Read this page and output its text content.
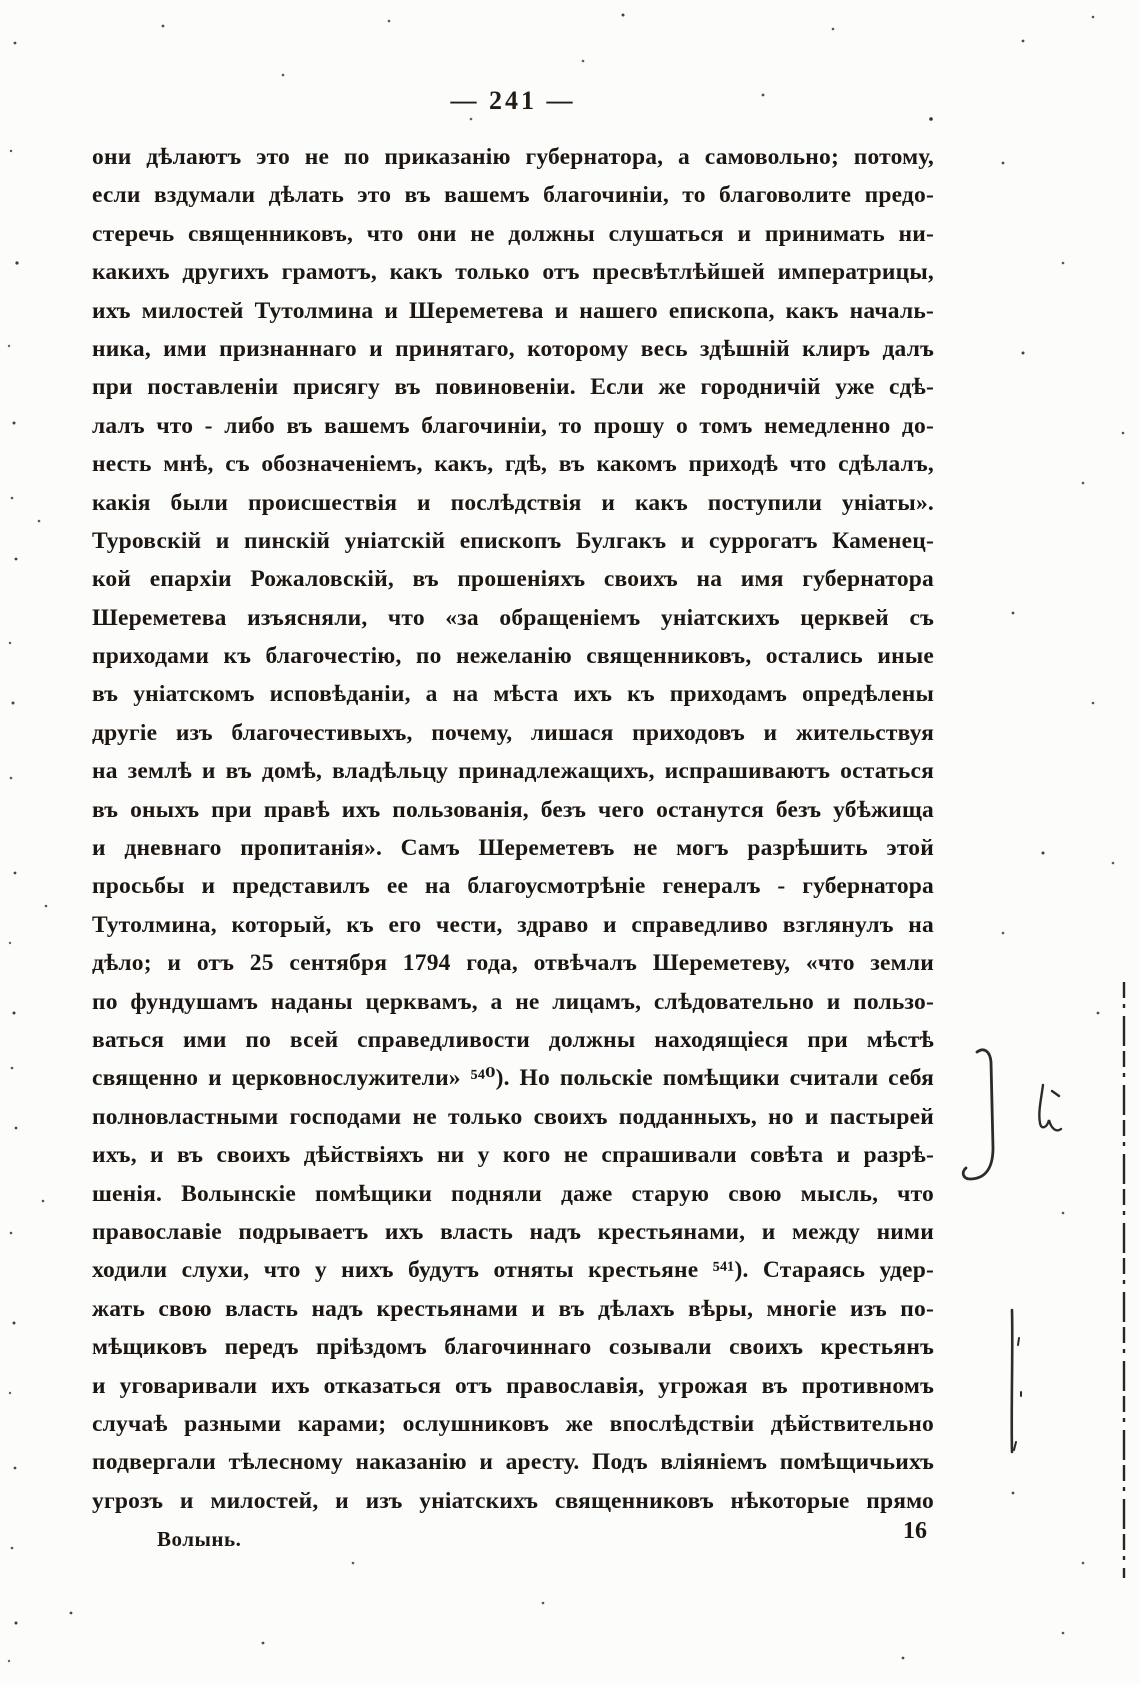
— 241 —
они дѣлаютъ это не по приказанію губернатора, а самовольно; потому,
если вздумали дѣлать это въ вашемъ благочиніи, то благоволите предо-
стеречь священниковъ, что они не должны слушаться и принимать ни-
какихъ другихъ грамотъ, какъ только отъ пресвѣтлѣйшей императрицы,
ихъ милостей Тутолмина и Шереметева и нашего епископа, какъ началь-
ника, ими признаннаго и принятаго, которому весь здѣшній клиръ далъ
при поставленіи присягу въ повиновеніи. Если же городничій уже сдѣ-
лалъ что - либо въ вашемъ благочиніи, то прошу о томъ немедленно до-
несть мнѣ, съ обозначеніемъ, какъ, гдѣ, въ какомъ приходѣ что сдѣлалъ,
какія были происшествія и послѣдствія и какъ поступили уніаты».
Туровскій и пинскій уніатскій епископъ Булгакъ и суррогатъ Каменец-
кой епархіи Рожаловскій, въ прошеніяхъ своихъ на имя губернатора
Шереметева изъясняли, что «за обращеніемъ уніатскихъ церквей съ
приходами къ благочестію, по нежеланію священниковъ, остались иные
въ уніатскомъ исповѣданіи, а на мѣста ихъ къ приходамъ опредѣлены
другіе изъ благочестивыхъ, почему, лишася приходовъ и жительствуя
на землѣ и въ домѣ, владѣльцу принадлежащихъ, испрашиваютъ остаться
въ оныхъ при правѣ ихъ пользованія, безъ чего останутся безъ убѣжища
и дневнаго пропитанія». Самъ Шереметевъ не могъ разрѣшить этой
просьбы и представилъ ее на благоусмотрѣніе генералъ - губернатора
Тутолмина, который, къ его чести, здраво и справедливо взглянулъ на
дѣло; и отъ 25 сентября 1794 года, отвѣчалъ Шереметеву, «что земли
по фундушамъ наданы церквамъ, а не лицамъ, слѣдовательно и пользо-
ваться ими по всей справедливости должны находящіеся при мѣстѣ
священно и церковнослужители» ⁵⁴⁰). Но польскіе помѣщики считали себя
полновластными господами не только своихъ подданныхъ, но и пастырей
ихъ, и въ своихъ дѣйствіяхъ ни у кого не спрашивали совѣта и разрѣ-
шенія. Волынскіе помѣщики подняли даже старую свою мысль, что
православіе подрываетъ ихъ власть надъ крестьянами, и между ними
ходили слухи, что у нихъ будутъ отняты крестьяне ⁵⁴¹). Стараясь удер-
жать свою власть надъ крестьянами и въ дѣлахъ вѣры, многіе изъ по-
мѣщиковъ передъ пріѣздомъ благочиннаго созывали своихъ крестьянъ
и уговаривали ихъ отказаться отъ православія, угрожая въ противномъ
случаѣ разными карами; ослушниковъ же впослѣдствіи дѣйствительно
подвергали тѣлесному наказанію и аресту. Подъ вліяніемъ помѣщичьихъ
угрозъ и милостей, и изъ уніатскихъ священниковъ нѣкоторые прямо
Волынь.	16
